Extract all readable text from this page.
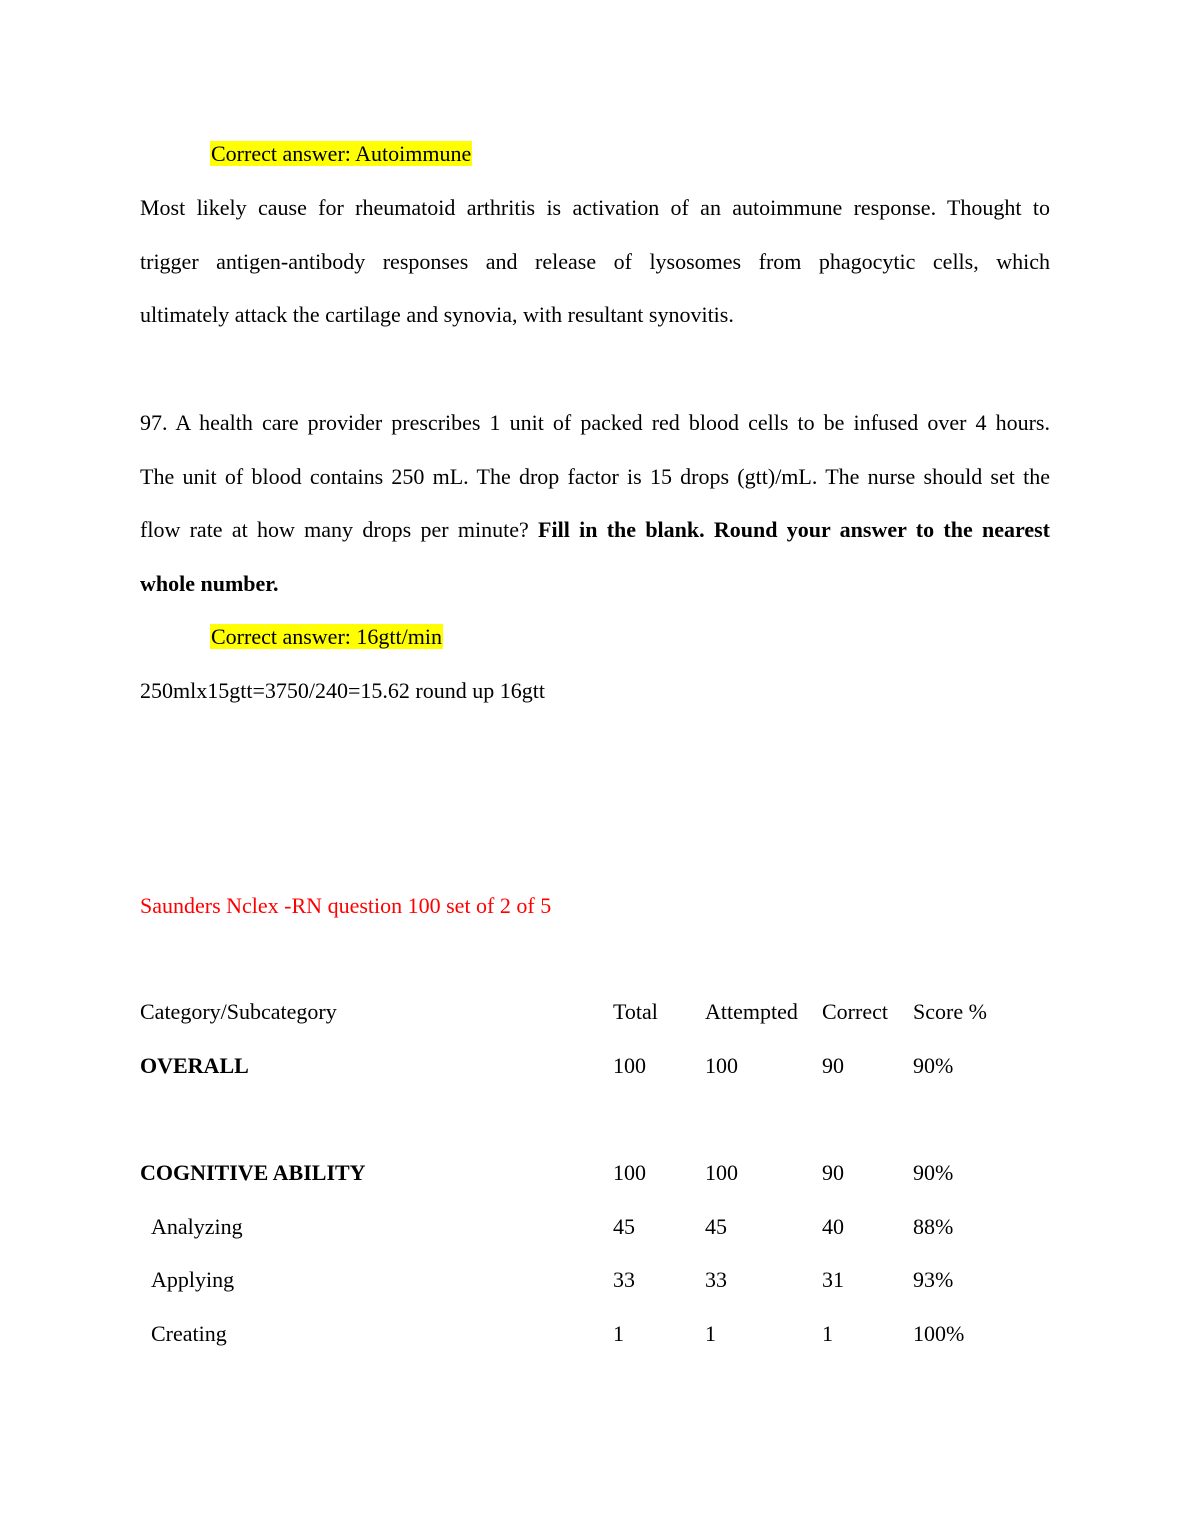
Correct answer: Autoimmune
Most likely cause for rheumatoid arthritis is activation of an autoimmune response. Thought to
trigger antigen-antibody responses and release of lysosomes from phagocytic cells, which
ultimately attack the cartilage and synovia, with resultant synovitis.
97. A health care provider prescribes 1 unit of packed red blood cells to be infused over 4 hours.
The unit of blood contains 250 mL. The drop factor is 15 drops (gtt)/mL. The nurse should set the
flow rate at how many drops per minute? Fill in the blank. Round your answer to the nearest
whole number.
Correct answer: 16gtt/min
250mlx15gtt=3750/240=15.62 round up 16gtt
Saunders Nclex -RN question 100 set of 2 of 5
Category/Subcategory	Total Attempted Correct Score %
OVERALL	100	100	90	90%
COGNITIVE ABILITY	100	100	90	90%
Analyzing	45	45	40	88%
Applying	33	33	31	93%
Creating	1	1	1	100%
